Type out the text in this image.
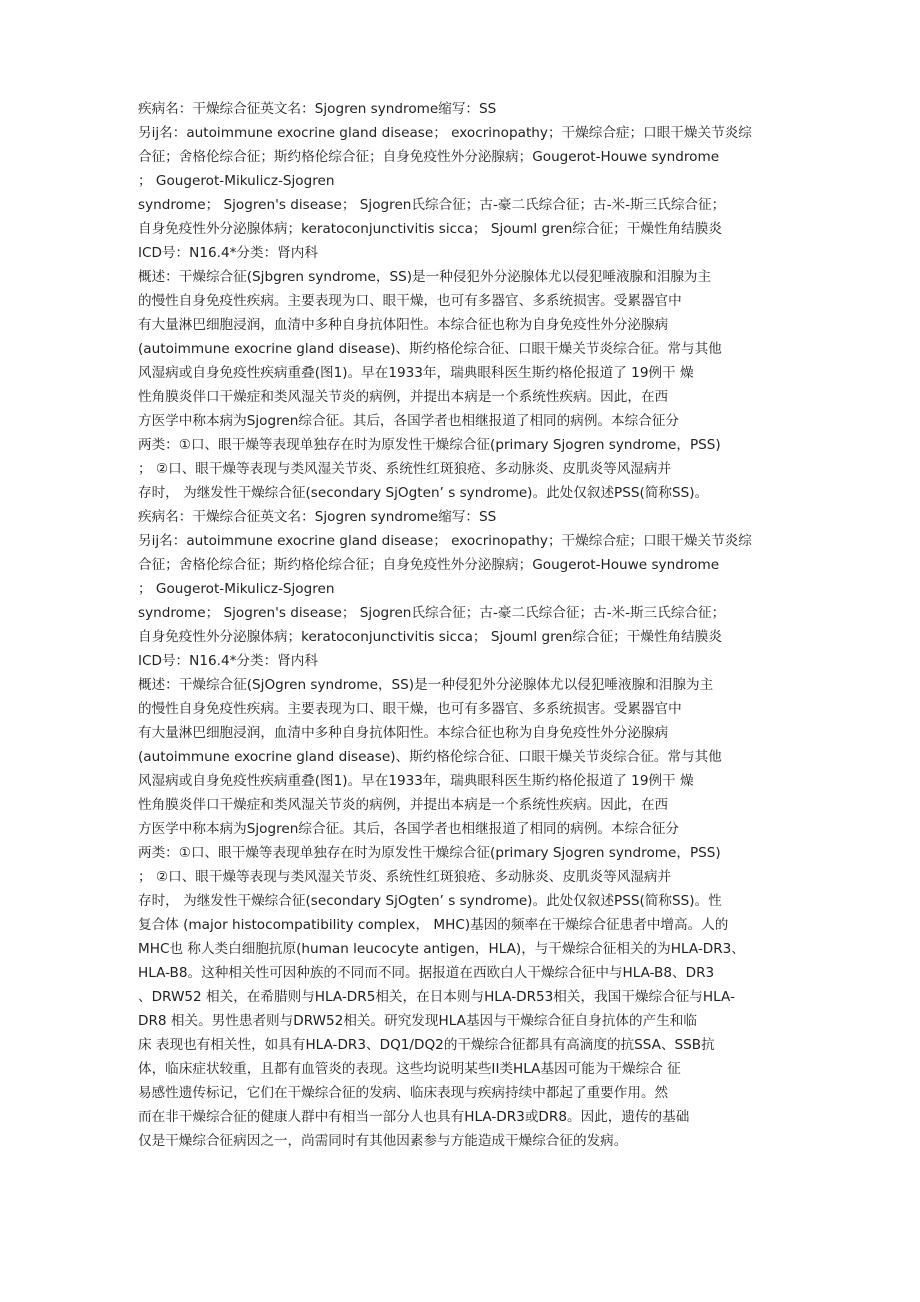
疾病名：干燥综合征英文名：Sjogren syndrome缩写：SS
另ij名：autoimmune exocrine gland disease； exocrinopathy；干燥综合症；口眼干燥关节炎综
合征；舍格伦综合征；斯约格伦综合征；自身免疫性外分泌腺病；Gougerot-Houwe syndrome
； Gougerot-Mikulicz-Sjogren
syndrome； Sjogren's disease； Sjogren氏综合征；古-豪二氏综合征；古-米-斯三氏综合征；
自身免疫性外分泌腺体病；keratoconjunctivitis sicca； Sjouml gren综合征；干燥性角结膜炎
ICD号：N16.4*分类：肾内科
概述：干燥综合征(Sjbgren syndrome，SS)是一种侵犯外分泌腺体尤以侵犯唾液腺和泪腺为主
的慢性自身免疫性疾病。主要表现为口、眼干燥，也可有多器官、多系统损害。受累器官中
有大量淋巴细胞浸润，血清中多种自身抗体阳性。本综合征也称为自身免疫性外分泌腺病
(autoimmune exocrine gland disease)、斯约格伦综合征、口眼干燥关节炎综合征。常与其他
风湿病或自身免疫性疾病重叠(图1)。早在1933年，瑞典眼科医生斯约格伦报道了 19例干 燥
性角膜炎伴口干燥症和类风湿关节炎的病例，并提出本病是一个系统性疾病。因此，在西
方医学中称本病为Sjogren综合征。其后，各国学者也相继报道了相同的病例。本综合征分
两类：①口、眼干燥等表现单独存在时为原发性干燥综合征(primary Sjogren syndrome，PSS)
； ②口、眼干燥等表现与类风湿关节炎、系统性红斑狼疮、多动脉炎、皮肌炎等风湿病并
存时， 为继发性干燥综合征(secondary SjOgten’ s syndrome)。此处仅叙述PSS(简称SS)。
疾病名：干燥综合征英文名：Sjogren syndrome缩写：SS
另ij名：autoimmune exocrine gland disease； exocrinopathy；干燥综合症；口眼干燥关节炎综
合征；舍格伦综合征；斯约格伦综合征；自身免疫性外分泌腺病；Gougerot-Houwe syndrome
； Gougerot-Mikulicz-Sjogren
syndrome； Sjogren's disease； Sjogren氏综合征；古-豪二氏综合征；古-米-斯三氏综合征；
自身免疫性外分泌腺体病；keratoconjunctivitis sicca； Sjouml gren综合征；干燥性角结膜炎
ICD号：N16.4*分类：肾内科
概述：干燥综合征(SjOgren syndrome，SS)是一种侵犯外分泌腺体尤以侵犯唾液腺和泪腺为主
的慢性自身免疫性疾病。主要表现为口、眼干燥，也可有多器官、多系统损害。受累器官中
有大量淋巴细胞浸润，血清中多种自身抗体阳性。本综合征也称为自身免疫性外分泌腺病
(autoimmune exocrine gland disease)、斯约格伦综合征、口眼干燥关节炎综合征。常与其他
风湿病或自身免疫性疾病重叠(图1)。早在1933年，瑞典眼科医生斯约格伦报道了 19例干 燥
性角膜炎伴口干燥症和类风湿关节炎的病例，并提出本病是一个系统性疾病。因此，在西
方医学中称本病为Sjogren综合征。其后，各国学者也相继报道了相同的病例。本综合征分
两类：①口、眼干燥等表现单独存在时为原发性干燥综合征(primary Sjogren syndrome，PSS)
； ②口、眼干燥等表现与类风湿关节炎、系统性红斑狼疮、多动脉炎、皮肌炎等风湿病并
存时， 为继发性干燥综合征(secondary SjOgten’ s syndrome)。此处仅叙述PSS(简称SS)。性
复合体 (major histocompatibility complex， MHC)基因的频率在干燥综合征患者中增高。人的
MHC也 称人类白细胞抗原(human leucocyte antigen，HLA)，与干燥综合征相关的为HLA-DR3、
HLA-B8。这种相关性可因种族的不同而不同。据报道在西欧白人干燥综合征中与HLA-B8、DR3
、DRW52 相关，在希腊则与HLA-DR5相关，在日本则与HLA-DR53相关，我国干燥综合征与HLA-
DR8 相关。男性患者则与DRW52相关。研究发现HLA基因与干燥综合征自身抗体的产生和临
床 表现也有相关性，如具有HLA-DR3、DQ1/DQ2的干燥综合征都具有高滴度的抗SSA、SSB抗
体，临床症状较重，且都有血管炎的表现。这些均说明某些II类HLA基因可能为干燥综合 征
易感性遗传标记，它们在干燥综合征的发病、临床表现与疾病持续中都起了重要作用。然
而在非干燥综合征的健康人群中有相当一部分人也具有HLA-DR3或DR8。因此，遗传的基础
仅是干燥综合征病因之一，尚需同时有其他因素参与方能造成干燥综合征的发病。
